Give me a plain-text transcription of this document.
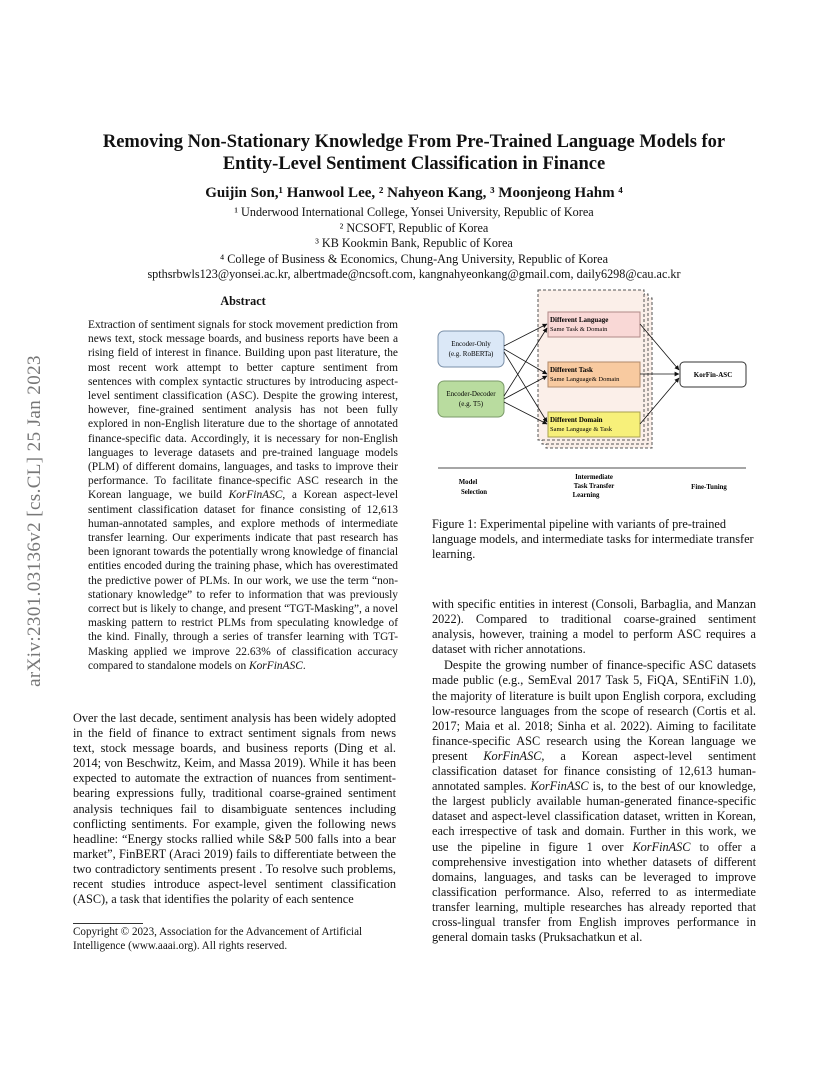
Removing Non-Stationary Knowledge From Pre-Trained Language Models for
Entity-Level Sentiment Classification in Finance
Guijin Son,¹ Hanwool Lee, ² Nahyeon Kang, ³ Moonjeong Hahm ⁴
¹ Underwood International College, Yonsei University, Republic of Korea
² NCSOFT, Republic of Korea
³ KB Kookmin Bank, Republic of Korea
⁴ College of Business & Economics, Chung-Ang University, Republic of Korea
spthsrbwls123@yonsei.ac.kr, albertmade@ncsoft.com, kangnahyeonkang@gmail.com, daily6298@cau.ac.kr
arXiv:2301.03136v2 [cs.CL] 25 Jan 2023
Abstract
Extraction of sentiment signals for stock movement prediction from news text, stock message boards, and business reports have been a rising field of interest in finance. Building upon past literature, the most recent work attempt to better capture sentiment from sentences with complex syntactic structures by introducing aspect-level sentiment classification (ASC). Despite the growing interest, however, fine-grained sentiment analysis has not been fully explored in non-English literature due to the shortage of annotated finance-specific data. Accordingly, it is necessary for non-English languages to leverage datasets and pre-trained language models (PLM) of different domains, languages, and tasks to improve their performance. To facilitate finance-specific ASC research in the Korean language, we build KorFinASC, a Korean aspect-level sentiment classification dataset for finance consisting of 12,613 human-annotated samples, and explore methods of intermediate transfer learning. Our experiments indicate that past research has been ignorant towards the potentially wrong knowledge of financial entities encoded during the training phase, which has overestimated the predictive power of PLMs. In our work, we use the term “non-stationary knowledge” to refer to information that was previously correct but is likely to change, and present “TGT-Masking”, a novel masking pattern to restrict PLMs from speculating knowledge of the kind. Finally, through a series of transfer learning with TGT-Masking applied we improve 22.63% of classification accuracy compared to standalone models on KorFinASC.
Over the last decade, sentiment analysis has been widely adopted in the field of finance to extract sentiment signals from news text, stock message boards, and business reports (Ding et al. 2014; von Beschwitz, Keim, and Massa 2019). While it has been expected to automate the extraction of nuances from sentiment-bearing expressions fully, traditional coarse-grained sentiment analysis techniques fail to disambiguate sentences including conflicting sentiments. For example, given the following news headline: “Energy stocks rallied while S&P 500 falls into a bear market”, FinBERT (Araci 2019) fails to differentiate between the two contradictory sentiments present . To resolve such problems, recent studies introduce aspect-level sentiment classification (ASC), a task that identifies the polarity of each sentence
Copyright © 2023, Association for the Advancement of Artificial Intelligence (www.aaai.org). All rights reserved.
Encoder-Only
(e.g. RoBERTa)
Encoder-Decoder
(e.g. T5)
Different Language
Same Task & Domain
Different Task
Same Language& Domain
Different Domain
Same Language & Task
KorFin-ASC
Model
Selection
Intermediate
Task Transfer
Learning
Fine-Tuning
Figure 1: Experimental pipeline with variants of pre-trained language models, and intermediate tasks for intermediate transfer learning.

with specific entities in interest (Consoli, Barbaglia, and Manzan 2022). Compared to traditional coarse-grained sentiment analysis, however, training a model to perform ASC requires a dataset with richer annotations.

Despite the growing number of finance-specific ASC datasets made public (e.g., SemEval 2017 Task 5, FiQA, SEntiFiN 1.0), the majority of literature is built upon English corpora, excluding low-resource languages from the scope of research (Cortis et al. 2017; Maia et al. 2018; Sinha et al. 2022). Aiming to facilitate finance-specific ASC research using the Korean language we present KorFinASC, a Korean aspect-level sentiment classification dataset for finance consisting of 12,613 human-annotated samples. KorFinASC is, to the best of our knowledge, the largest publicly available human-generated finance-specific dataset and aspect-level classification dataset, written in Korean, each irrespective of task and domain. Further in this work, we use the pipeline in figure 1 over KorFinASC to offer a comprehensive investigation into whether datasets of different domains, languages, and tasks can be leveraged to improve classification performance. Also, referred to as intermediate transfer learning, multiple researches has already reported that cross-lingual transfer from English improves performance in general domain tasks (Pruksachatkun et al.
